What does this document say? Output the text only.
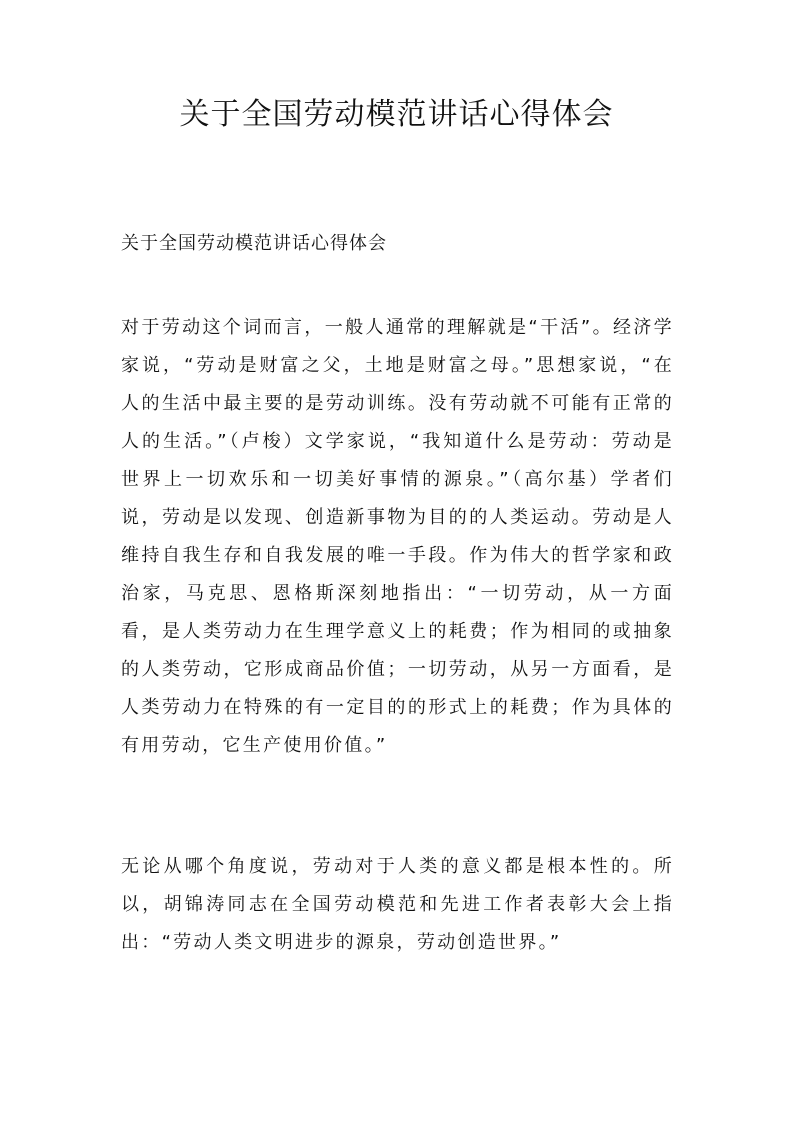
关于全国劳动模范讲话心得体会

关于全国劳动模范讲话心得体会

对于劳动这个词而言，一般人通常的理解就是“干活”。经济学家说，“劳动是财富之父，土地是财富之母。”思想家说，“在人的生活中最主要的是劳动训练。没有劳动就不可能有正常的人的生活。”（卢梭）文学家说，“我知道什么是劳动：劳动是世界上一切欢乐和一切美好事情的源泉。”（高尔基）学者们说，劳动是以发现、创造新事物为目的的人类运动。劳动是人维持自我生存和自我发展的唯一手段。作为伟大的哲学家和政治家，马克思、恩格斯深刻地指出：“一切劳动，从一方面看，是人类劳动力在生理学意义上的耗费；作为相同的或抽象的人类劳动，它形成商品价值；一切劳动，从另一方面看，是人类劳动力在特殊的有一定目的的形式上的耗费；作为具体的有用劳动，它生产使用价值。”

无论从哪个角度说，劳动对于人类的意义都是根本性的。所以，胡锦涛同志在全国劳动模范和先进工作者表彰大会上指出：“劳动人类文明进步的源泉，劳动创造世界。”
